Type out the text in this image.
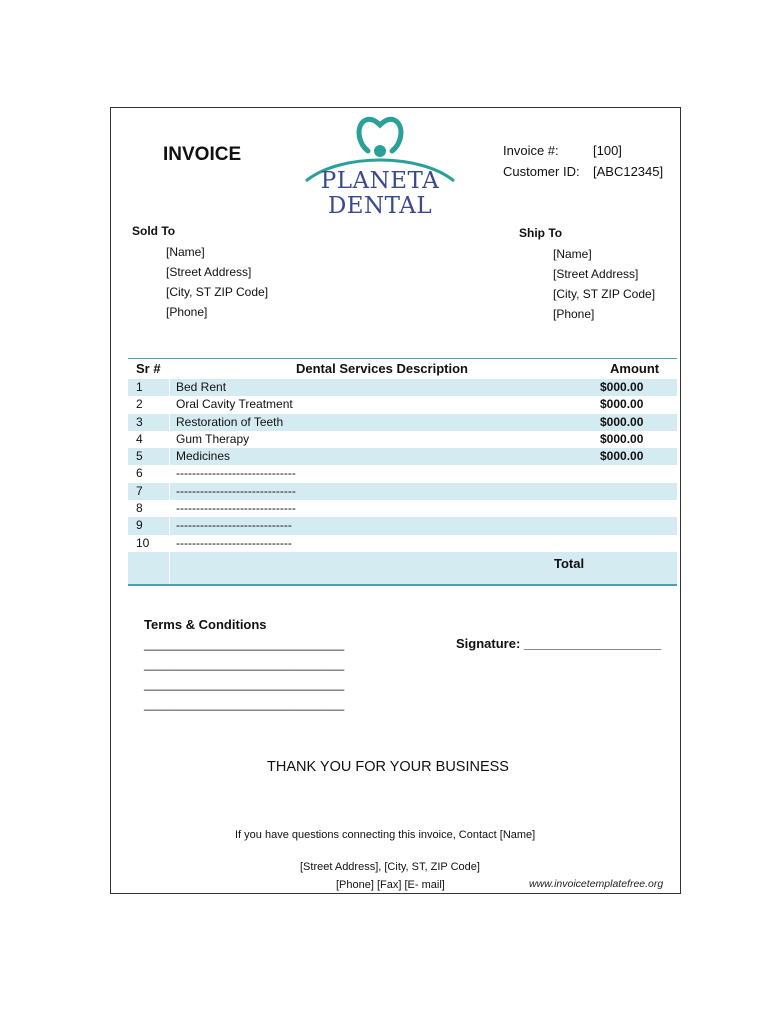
INVOICE
PLANETA
DENTAL
Invoice #:	[100]
Customer ID: [ABC12345]
Sold To
[Name]
[Street Address]
[City, ST ZIP Code]
[Phone]
Ship To
[Name]
[Street Address]
[City, ST ZIP Code]
[Phone]
Sr #	Dental Services Description	Amount
1	Bed Rent	$000.00
2	Oral Cavity Treatment	$000.00
3	Restoration of Teeth	$000.00
4	Gum Therapy	$000.00
5	Medicines	$000.00
6	------------------------------
7	------------------------------
8	------------------------------
9	-----------------------------
10 -----------------------------
Total
Terms & Conditions
______________________________
______________________________
______________________________
______________________________
Signature: ___________________
THANK YOU FOR YOUR BUSINESS
If you have questions connecting this invoice, Contact [Name]
[Street Address], [City, ST, ZIP Code]
[Phone] [Fax] [E- mail]	www.invoicetemplatefree.org
